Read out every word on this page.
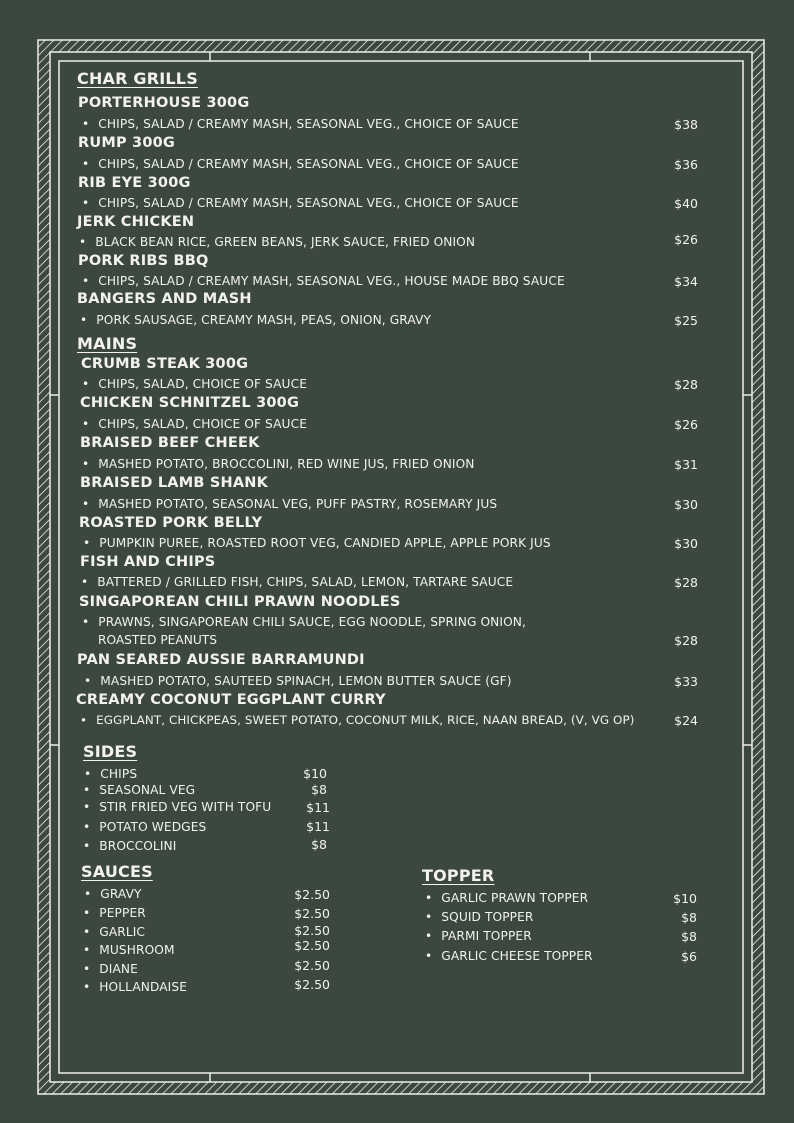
CHAR GRILLS
PORTERHOUSE 300G
• CHIPS, SALAD / CREAMY MASH, SEASONAL VEG., CHOICE OF SAUCE	$38
RUMP 300G
• CHIPS, SALAD / CREAMY MASH, SEASONAL VEG., CHOICE OF SAUCE	$36
RIB EYE 300G
• CHIPS, SALAD / CREAMY MASH, SEASONAL VEG., CHOICE OF SAUCE	$40
JERK CHICKEN
• BLACK BEAN RICE, GREEN BEANS, JERK SAUCE, FRIED ONION	$26
PORK RIBS BBQ
• CHIPS, SALAD / CREAMY MASH, SEASONAL VEG., HOUSE MADE BBQ SAUCE	$34
BANGERS AND MASH
• PORK SAUSAGE, CREAMY MASH, PEAS, ONION, GRAVY	$25
MAINS
CRUMB STEAK 300G
• CHIPS, SALAD, CHOICE OF SAUCE	$28
CHICKEN SCHNITZEL 300G
• CHIPS, SALAD, CHOICE OF SAUCE	$26
BRAISED BEEF CHEEK
• MASHED POTATO, BROCCOLINI, RED WINE JUS, FRIED ONION	$31
BRAISED LAMB SHANK
• MASHED POTATO, SEASONAL VEG, PUFF PASTRY, ROSEMARY JUS	$30
ROASTED PORK BELLY
• PUMPKIN PUREE, ROASTED ROOT VEG, CANDIED APPLE, APPLE PORK JUS	$30
FISH AND CHIPS
• BATTERED / GRILLED FISH, CHIPS, SALAD, LEMON, TARTARE SAUCE	$28
SINGAPOREAN CHILI PRAWN NOODLES
• PRAWNS, SINGAPOREAN CHILI SAUCE, EGG NOODLE, SPRING ONION,
ROASTED PEANUTS	$28
PAN SEARED AUSSIE BARRAMUNDI
• MASHED POTATO, SAUTEED SPINACH, LEMON BUTTER SAUCE (GF)	$33
CREAMY COCONUT EGGPLANT CURRY
• EGGPLANT, CHICKPEAS, SWEET POTATO, COCONUT MILK, RICE, NAAN BREAD, (V, VG OP)	$24
SIDES
• CHIPS	$10
• SEASONAL VEG	$8
• STIR FRIED VEG WITH TOFU	$11
• POTATO WEDGES	$11
• BROCCOLINI	$8
SAUCES
• GRAVY	$2.50
• PEPPER	$2.50
• GARLIC	$2.50
• MUSHROOM	$2.50
• DIANE	$2.50
• HOLLANDAISE	$2.50
TOPPER
• GARLIC PRAWN TOPPER	$10
• SQUID TOPPER	$8
• PARMI TOPPER	$8
• GARLIC CHEESE TOPPER	$6
